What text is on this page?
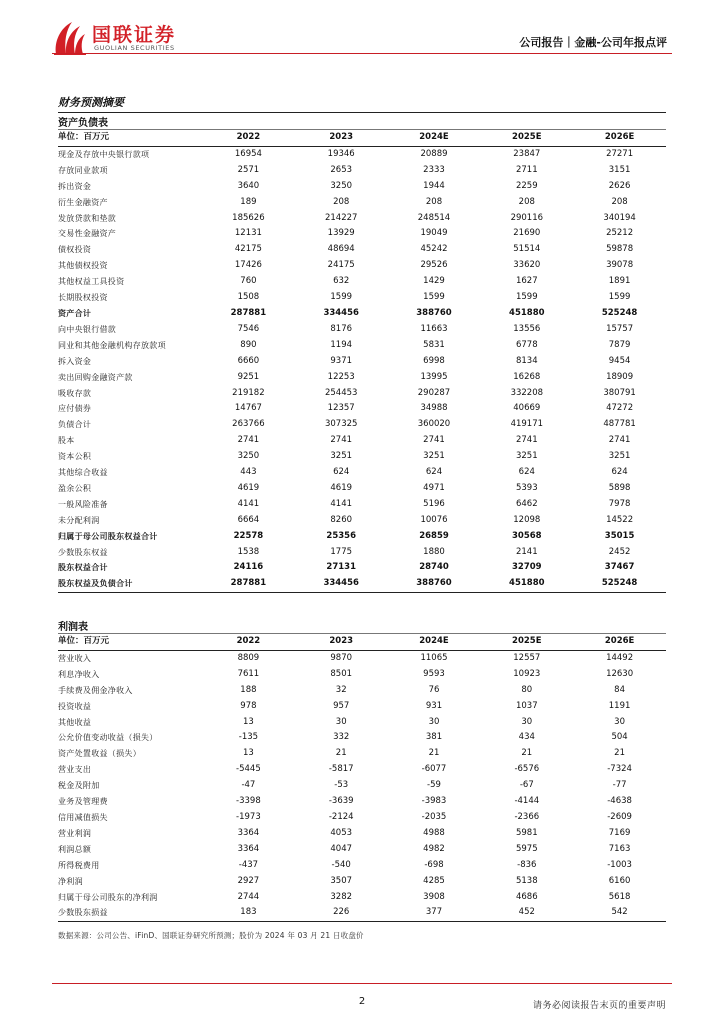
国联证券
GUOLIAN SECURITIES	公司报告｜金融-公司年报点评
财务预测摘要
资产负债表
单位：百万元	2022	2023	2024E	2025E	2026E
现金及存放中央银行款项	16954	19346	20889	23847	27271
存放同业款项	2571	2653	2333	2711	3151
拆出资金	3640	3250	1944	2259	2626
衍生金融资产	189	208	208	208	208
发放贷款和垫款	185626	214227	248514	290116	340194
交易性金融资产	12131	13929	19049	21690	25212
债权投资	42175	48694	45242	51514	59878
其他债权投资	17426	24175	29526	33620	39078
其他权益工具投资	760	632	1429	1627	1891
长期股权投资	1508	1599	1599	1599	1599
资产合计	287881	334456	388760	451880	525248
向中央银行借款	7546	8176	11663	13556	15757
同业和其他金融机构存放款项	890	1194	5831	6778	7879
拆入资金	6660	9371	6998	8134	9454
卖出回购金融资产款	9251	12253	13995	16268	18909
吸收存款	219182	254453	290287	332208	380791
应付债券	14767	12357	34988	40669	47272
负债合计	263766	307325	360020	419171	487781
股本	2741	2741	2741	2741	2741
资本公积	3250	3251	3251	3251	3251
其他综合收益	443	624	624	624	624
盈余公积	4619	4619	4971	5393	5898
一般风险准备	4141	4141	5196	6462	7978
未分配利润	6664	8260	10076	12098	14522
归属于母公司股东权益合计	22578	25356	26859	30568	35015
少数股东权益	1538	1775	1880	2141	2452
股东权益合计	24116	27131	28740	32709	37467
股东权益及负债合计	287881	334456	388760	451880	525248
利润表
单位：百万元	2022	2023	2024E	2025E	2026E
营业收入	8809	9870	11065	12557	14492
利息净收入	7611	8501	9593	10923	12630
手续费及佣金净收入	188	32	76	80	84
投资收益	978	957	931	1037	1191
其他收益	13	30	30	30	30
公允价值变动收益（损失）	-135	332	381	434	504
资产处置收益（损失）	13	21	21	21	21
营业支出	-5445	-5817	-6077	-6576	-7324
税金及附加	-47	-53	-59	-67	-77
业务及管理费	-3398	-3639	-3983	-4144	-4638
信用减值损失	-1973	-2124	-2035	-2366	-2609
营业利润	3364	4053	4988	5981	7169
利润总额	3364	4047	4982	5975	7163
所得税费用	-437	-540	-698	-836	-1003
净利润	2927	3507	4285	5138	6160
归属于母公司股东的净利润	2744	3282	3908	4686	5618
少数股东损益	183	226	377	452	542
数据来源：公司公告、iFinD、国联证券研究所预测；股价为 2024 年 03 月 21 日收盘价
2	请务必阅读报告末页的重要声明
